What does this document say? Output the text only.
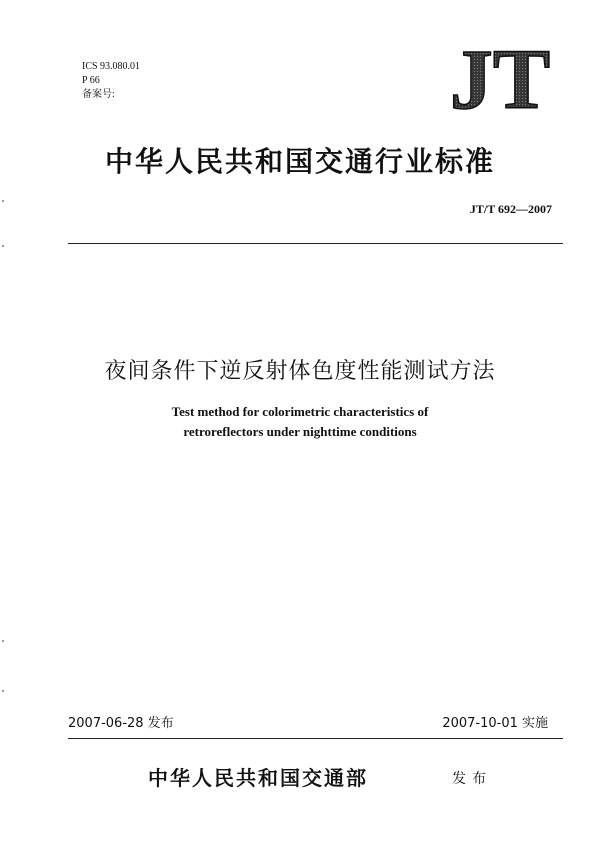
ICS 93.080.01
P 66
备案号:	JT
中华人民共和国交通行业标准
JT/T 692—2007
夜间条件下逆反射体色度性能测试方法
Test method for colorimetric characteristics of
retroreflectors under nighttime conditions
2007-06-28 发布	2007-10-01 实施
中华人民共和国交通部	发布
